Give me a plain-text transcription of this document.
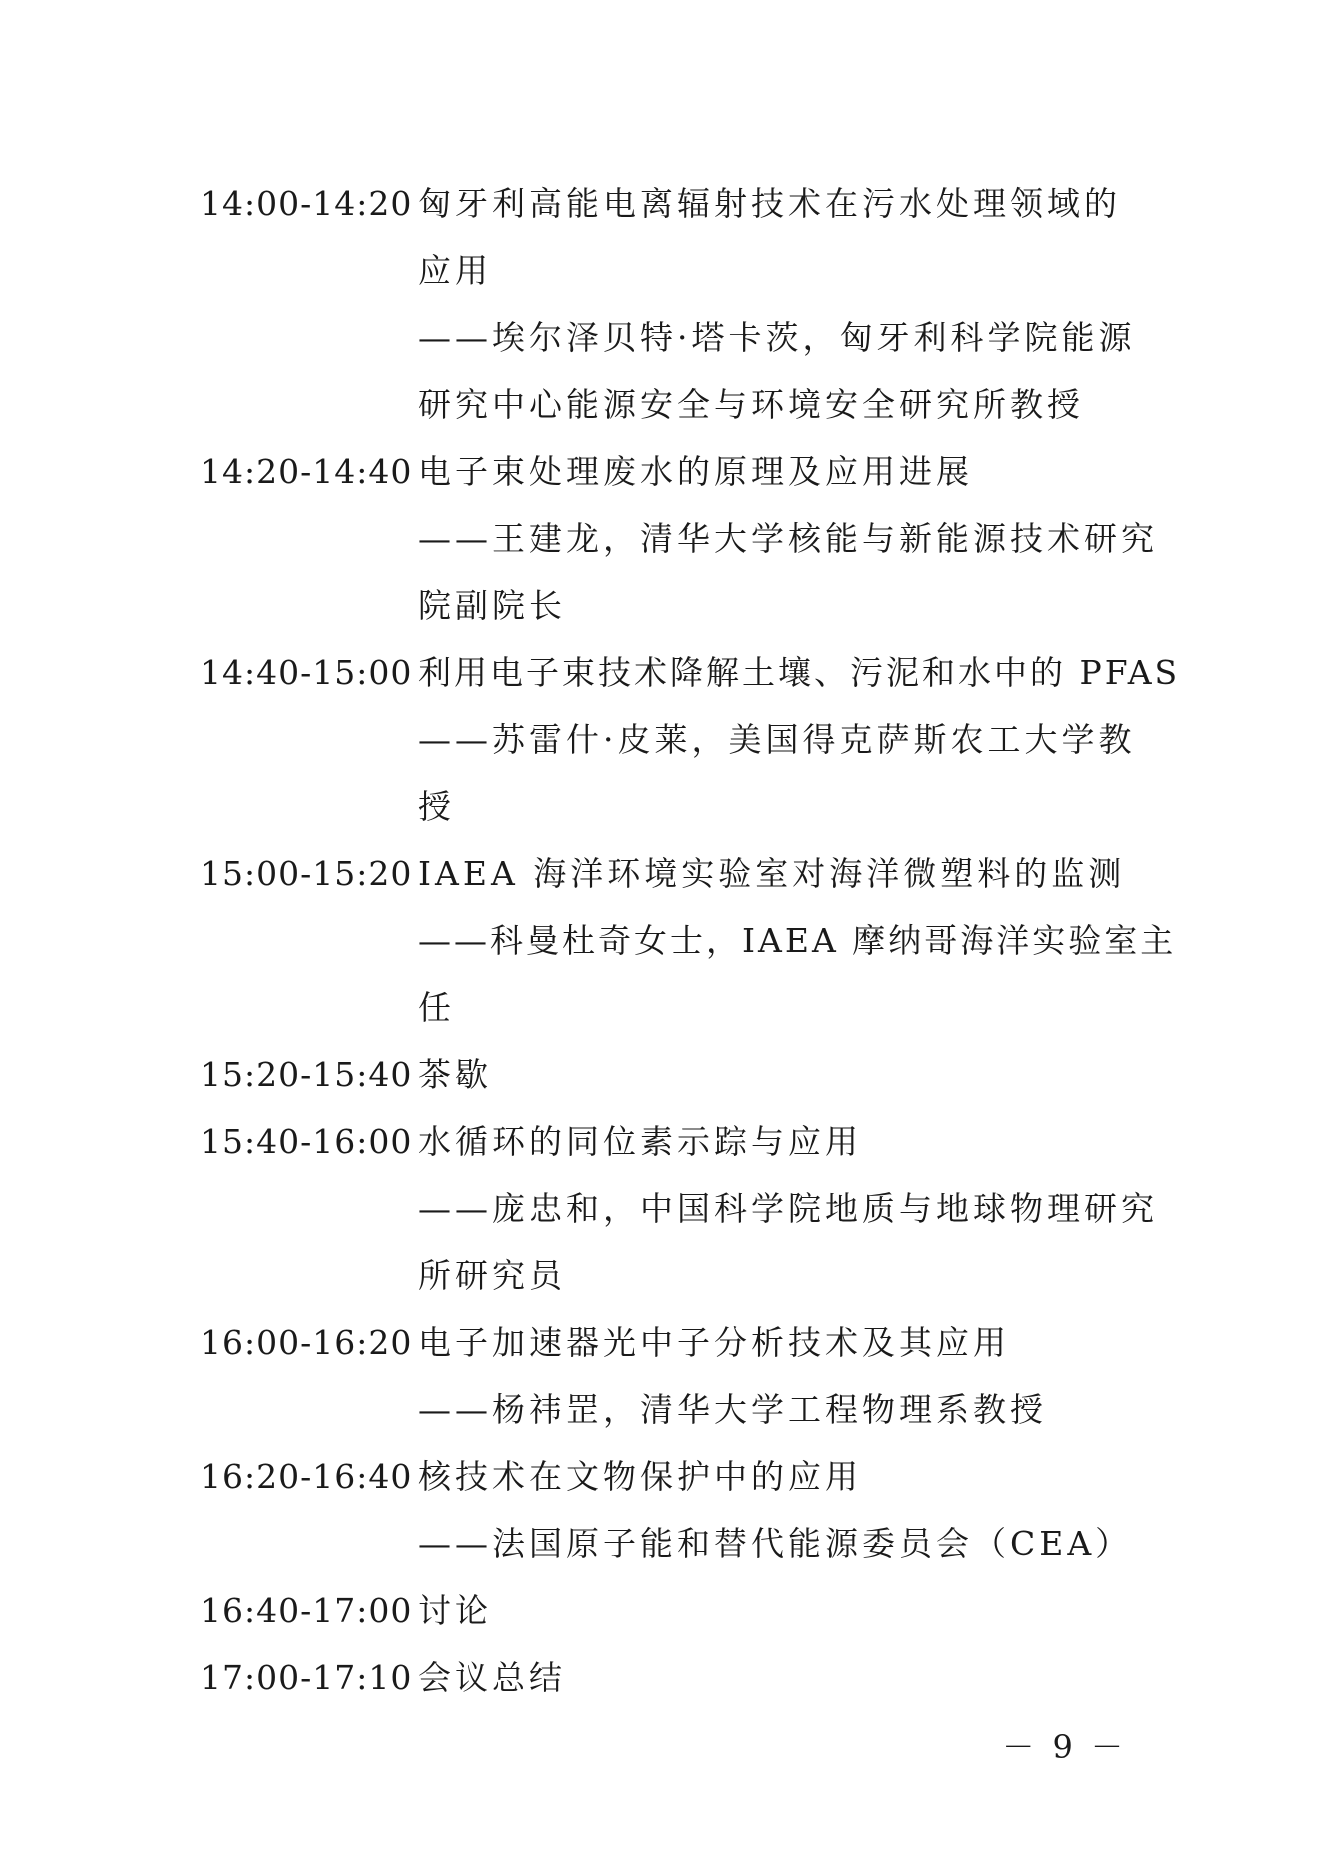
14:00-14:20 匈牙利高能电离辐射技术在污水处理领域的
应用
——埃尔泽贝特·塔卡茨，匈牙利科学院能源
研究中心能源安全与环境安全研究所教授
14:20-14:40 电子束处理废水的原理及应用进展
——王建龙，清华大学核能与新能源技术研究
院副院长
14:40-15:00 利用电子束技术降解土壤、污泥和水中的 PFAS
——苏雷什·皮莱，美国得克萨斯农工大学教
授
15:00-15:20 IAEA 海洋环境实验室对海洋微塑料的监测
——科曼杜奇女士，IAEA 摩纳哥海洋实验室主
任
15:20-15:40 茶歇
15:40-16:00 水循环的同位素示踪与应用
——庞忠和，中国科学院地质与地球物理研究
所研究员
16:00-16:20 电子加速器光中子分析技术及其应用
——杨祎罡，清华大学工程物理系教授
16:20-16:40 核技术在文物保护中的应用
——法国原子能和替代能源委员会（CEA）
16:40-17:00 讨论
17:00-17:10 会议总结
－ 9 －
